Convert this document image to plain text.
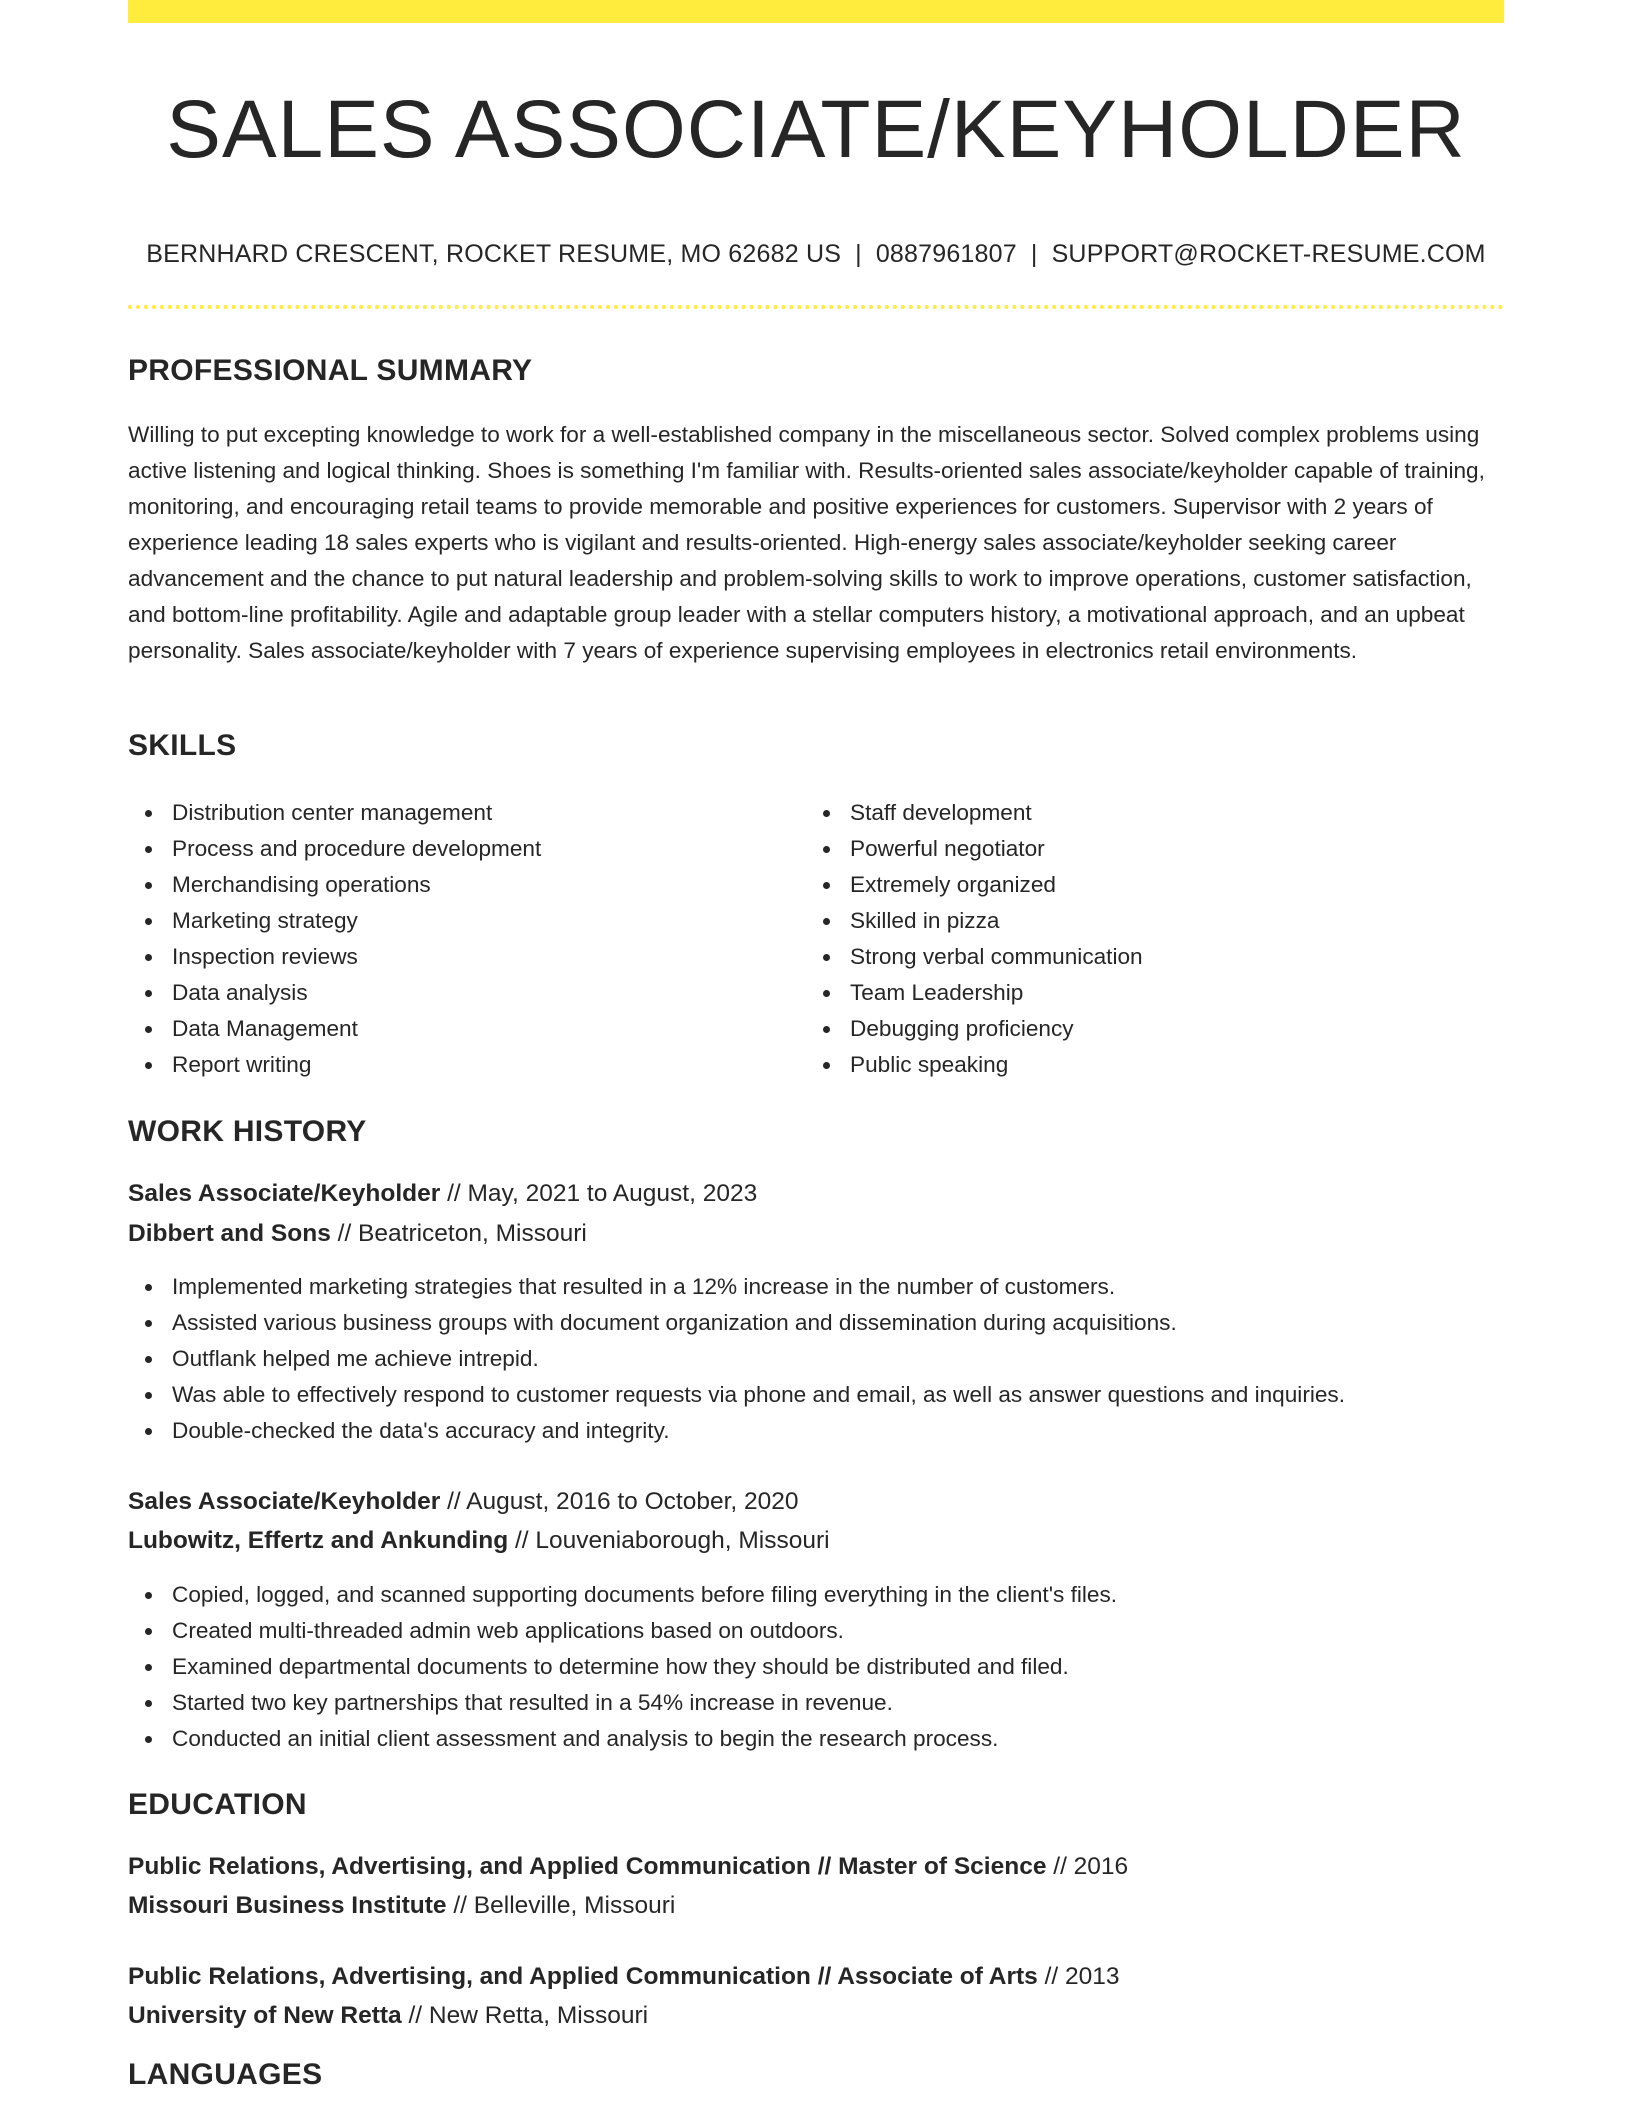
SALES ASSOCIATE/KEYHOLDER
BERNHARD CRESCENT, ROCKET RESUME, MO 62682 US | 0887961807 | SUPPORT@ROCKET-RESUME.COM
PROFESSIONAL SUMMARY

Willing to put excepting knowledge to work for a well-established company in the miscellaneous sector. Solved complex problems using active listening and logical thinking. Shoes is something I'm familiar with. Results-oriented sales associate/keyholder capable of training, monitoring, and encouraging retail teams to provide memorable and positive experiences for customers. Supervisor with 2 years of experience leading 18 sales experts who is vigilant and results-oriented. High-energy sales associate/keyholder seeking career advancement and the chance to put natural leadership and problem-solving skills to work to improve operations, customer satisfaction, and bottom-line profitability. Agile and adaptable group leader with a stellar computers history, a motivational approach, and an upbeat personality. Sales associate/keyholder with 7 years of experience supervising employees in electronics retail environments.

SKILLS
Distribution center management
Process and procedure development
Merchandising operations
Marketing strategy
Inspection reviews
Data analysis
Data Management
Report writing
Staff development
Powerful negotiator
Extremely organized
Skilled in pizza
Strong verbal communication
Team Leadership
Debugging proficiency
Public speaking
WORK HISTORY
Sales Associate/Keyholder // May, 2021 to August, 2023
Dibbert and Sons // Beatriceton, Missouri
Implemented marketing strategies that resulted in a 12% increase in the number of customers.
Assisted various business groups with document organization and dissemination during acquisitions.
Outflank helped me achieve intrepid.
Was able to effectively respond to customer requests via phone and email, as well as answer questions and inquiries.
Double-checked the data's accuracy and integrity.
Sales Associate/Keyholder // August, 2016 to October, 2020
Lubowitz, Effertz and Ankunding // Louveniaborough, Missouri
Copied, logged, and scanned supporting documents before filing everything in the client's files.
Created multi-threaded admin web applications based on outdoors.
Examined departmental documents to determine how they should be distributed and filed.
Started two key partnerships that resulted in a 54% increase in revenue.
Conducted an initial client assessment and analysis to begin the research process.
EDUCATION
Public Relations, Advertising, and Applied Communication // Master of Science // 2016
Missouri Business Institute // Belleville, Missouri
Public Relations, Advertising, and Applied Communication // Associate of Arts // 2013
University of New Retta // New Retta, Missouri
LANGUAGES
